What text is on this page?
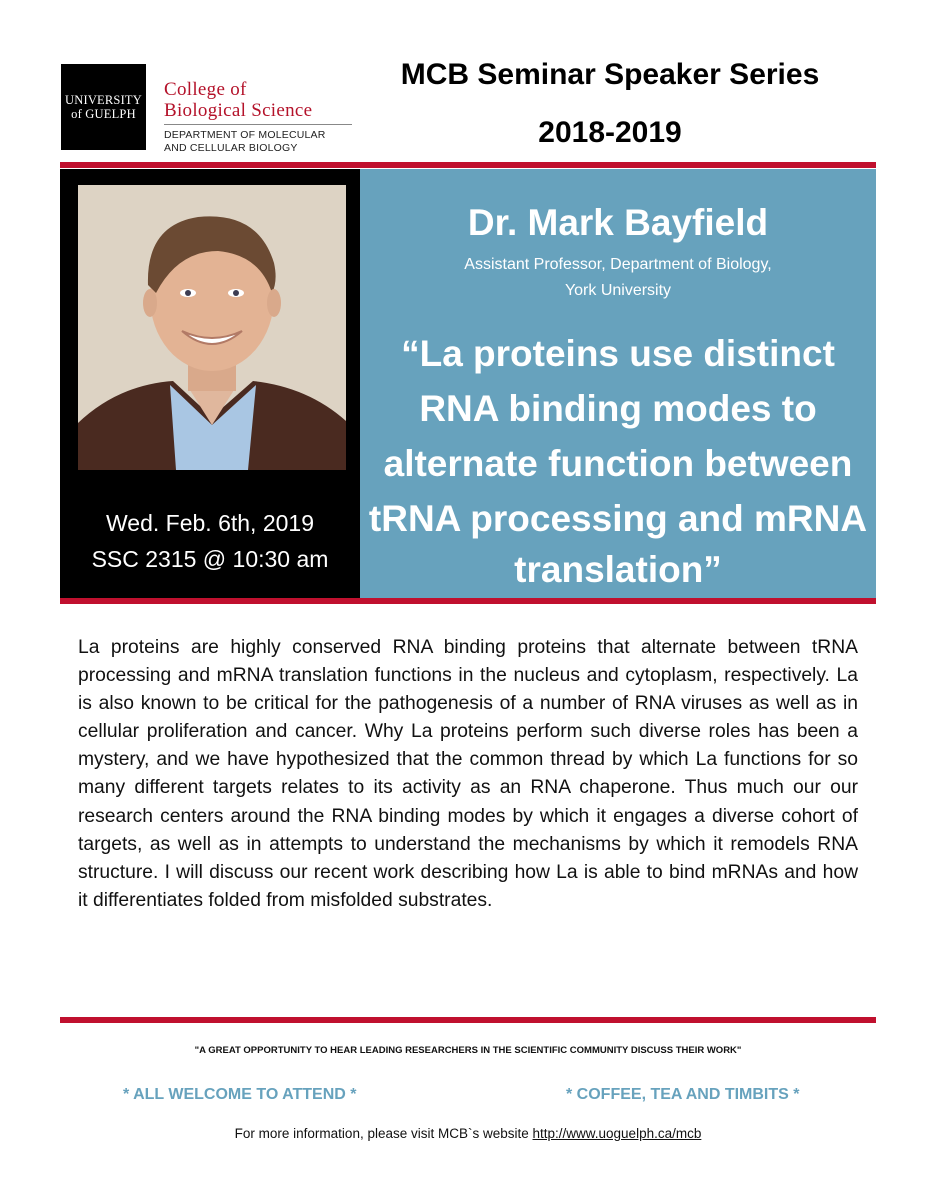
UNIVERSITY
of GUELPH
College of
Biological Science
DEPARTMENT OF MOLECULAR
AND CELLULAR BIOLOGY
MCB Seminar Speaker Series
2018-2019
Wed. Feb. 6th, 2019
SSC 2315 @ 10:30 am
Dr. Mark Bayfield
Assistant Professor, Department of Biology,
York University
“La proteins use distinct
RNA binding modes to
alternate function between
tRNA processing and mRNA
translation”

La proteins are highly conserved RNA binding proteins that alternate between tRNA processing and mRNA translation functions in the nucleus and cytoplasm, respectively. La is also known to be critical for the pathogenesis of a number of RNA viruses as well as in cellular proliferation and cancer. Why La proteins perform such diverse roles has been a mystery, and we have hypothesized that the common thread by which La functions for so many different targets relates to its activity as an RNA chaperone. Thus much our our research centers around the RNA binding modes by which it engages a diverse cohort of targets, as well as in attempts to understand the mechanisms by which it remodels RNA structure. I will discuss our recent work describing how La is able to bind mRNAs and how it differentiates folded from misfolded substrates.

"A GREAT OPPORTUNITY TO HEAR LEADING RESEARCHERS IN THE SCIENTIFIC COMMUNITY DISCUSS THEIR WORK"
* ALL WELCOME TO ATTEND *	* COFFEE, TEA AND TIMBITS *
For more information, please visit MCB`s website http://www.uoguelph.ca/mcb
